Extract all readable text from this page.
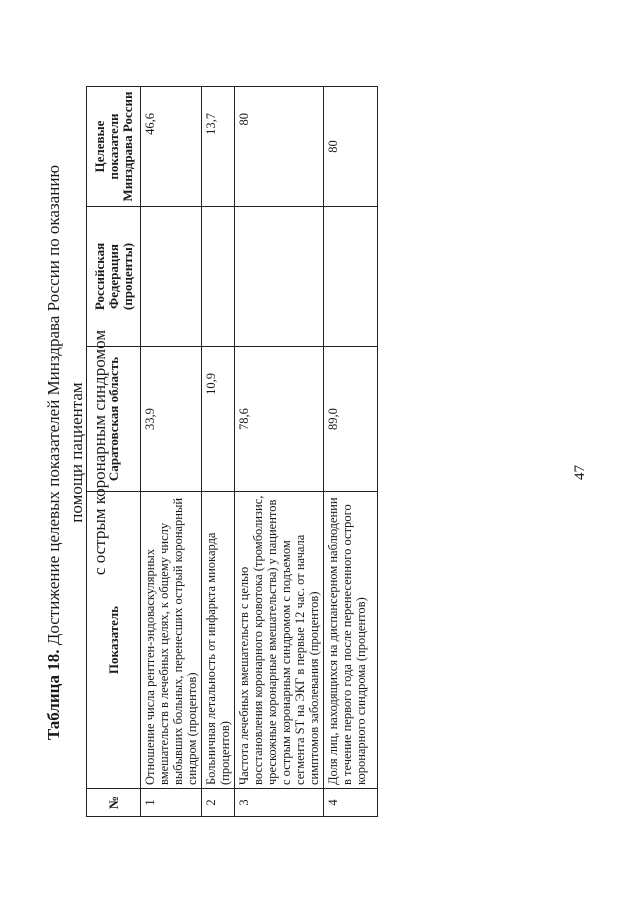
Таблица 18. Достижение целевых показателей Минздрава России по оказанию помощи пациентам с острым коронарным синдромом
№	Показатель	Саратовская область	Российская Федерация (проценты)	Целевые показатели Минздрава России
1	Отношение числа рентген-эндоваскулярных вмешательств в лечебных целях, к общему числу выбывших больных, перенесших острый коронарный синдром (процентов)	33,9		46,6
2	Больничная летальность от инфаркта миокарда (процентов)	10,9		13,7
3	Частота лечебных вмешательств с целью восстановления коронарного кровотока (тромболизис, чрескожные коронарные вмешательства) у пациентов с острым коронарным синдромом с подъемом сегмента ST на ЭКГ в первые 12 час. от начала симптомов заболевания (процентов)	78,6		80
4	Доля лиц, находящихся на диспансерном наблюдении в течение первого года после перенесенного острого коронарного синдрома (процентов)	89,0		80
47
